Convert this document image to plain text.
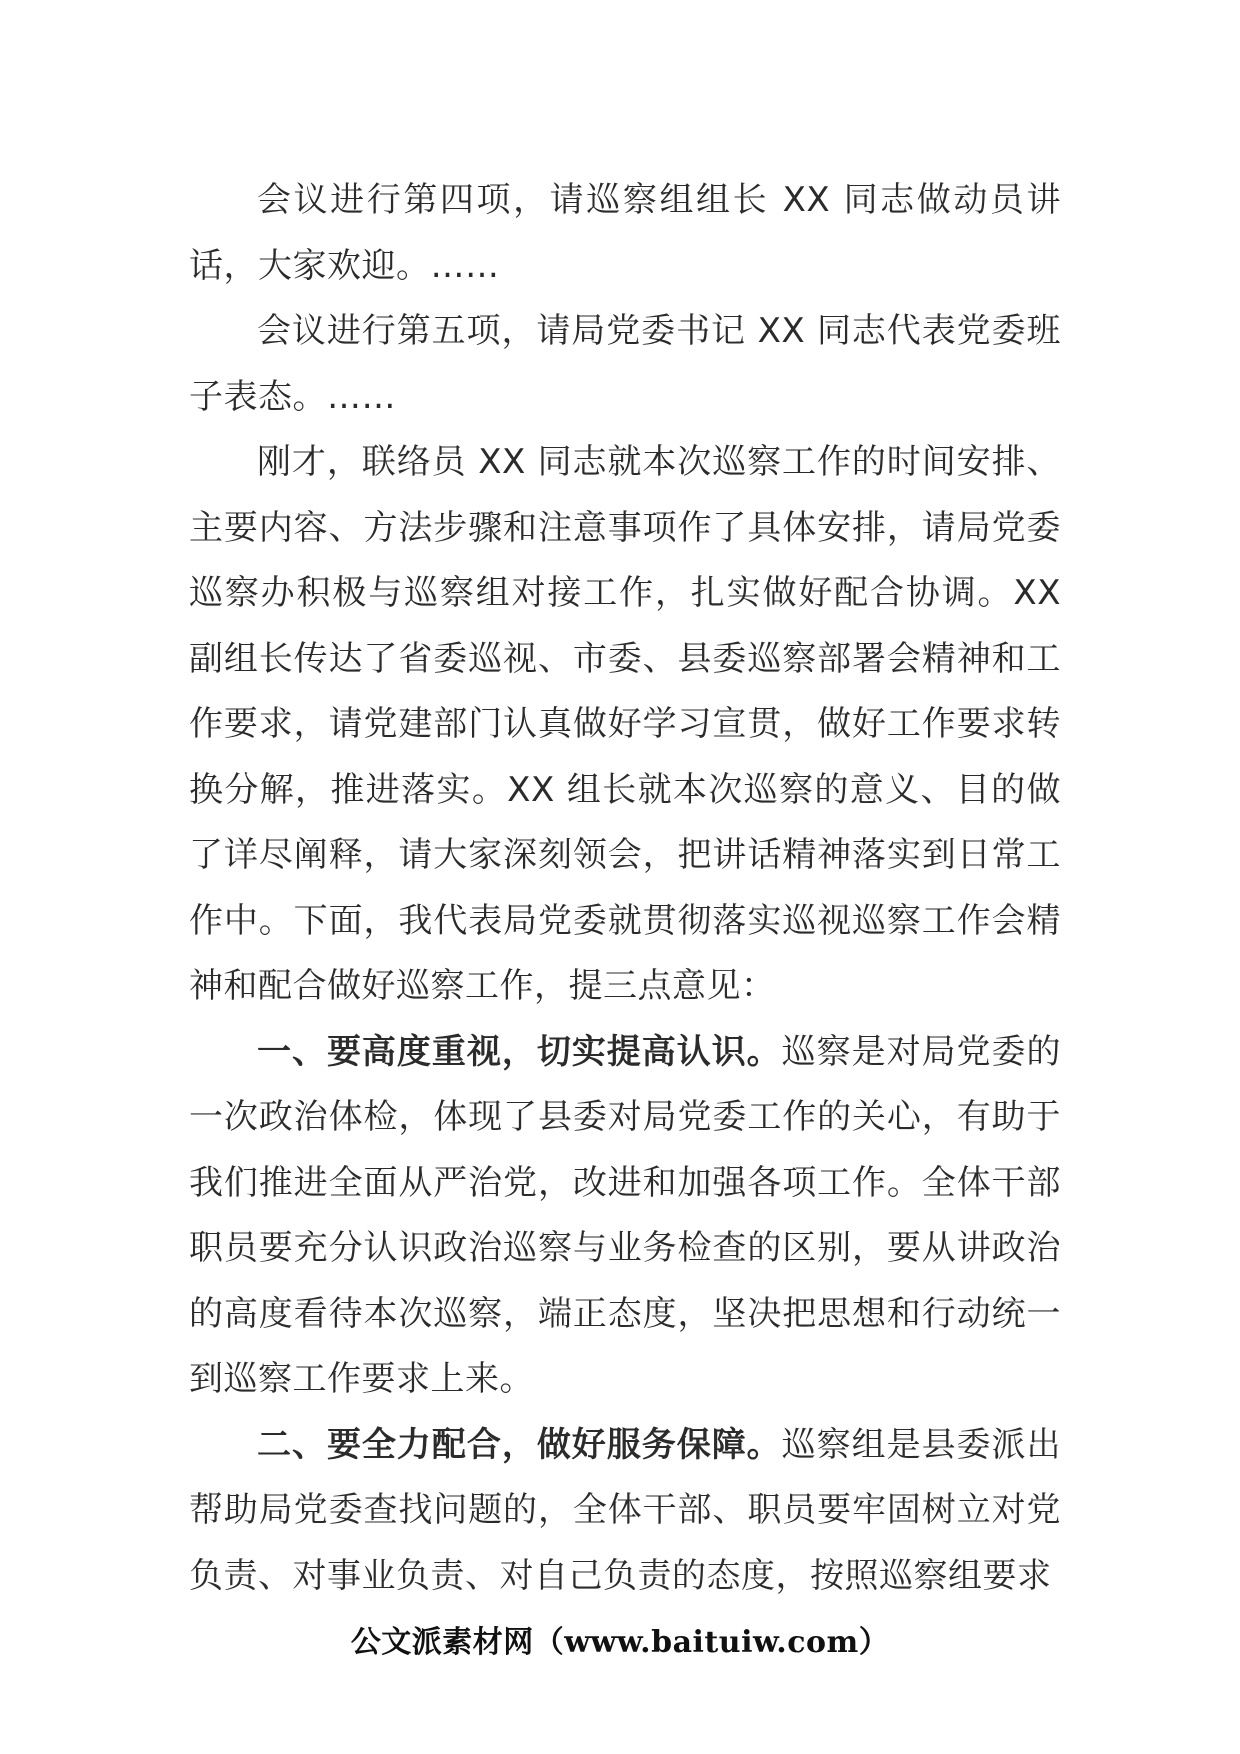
会议进行第四项，请巡察组组长 XX 同志做动员讲话，大家欢迎。……

会议进行第五项，请局党委书记 XX 同志代表党委班子表态。……

刚才，联络员 XX 同志就本次巡察工作的时间安排、主要内容、方法步骤和注意事项作了具体安排，请局党委巡察办积极与巡察组对接工作，扎实做好配合协调。XX 副组长传达了省委巡视、市委、县委巡察部署会精神和工作要求，请党建部门认真做好学习宣贯，做好工作要求转换分解，推进落实。XX 组长就本次巡察的意义、目的做了详尽阐释，请大家深刻领会，把讲话精神落实到日常工作中。下面，我代表局党委就贯彻落实巡视巡察工作会精神和配合做好巡察工作，提三点意见：

一、要高度重视，切实提高认识。巡察是对局党委的一次政治体检，体现了县委对局党委工作的关心，有助于我们推进全面从严治党，改进和加强各项工作。全体干部职员要充分认识政治巡察与业务检查的区别，要从讲政治的高度看待本次巡察，端正态度，坚决把思想和行动统一到巡察工作要求上来。

二、要全力配合，做好服务保障。巡察组是县委派出帮助局党委查找问题的，全体干部、职员要牢固树立对党负责、对事业负责、对自己负责的态度，按照巡察组要求

公文派素材网（www.baituiw.com）
